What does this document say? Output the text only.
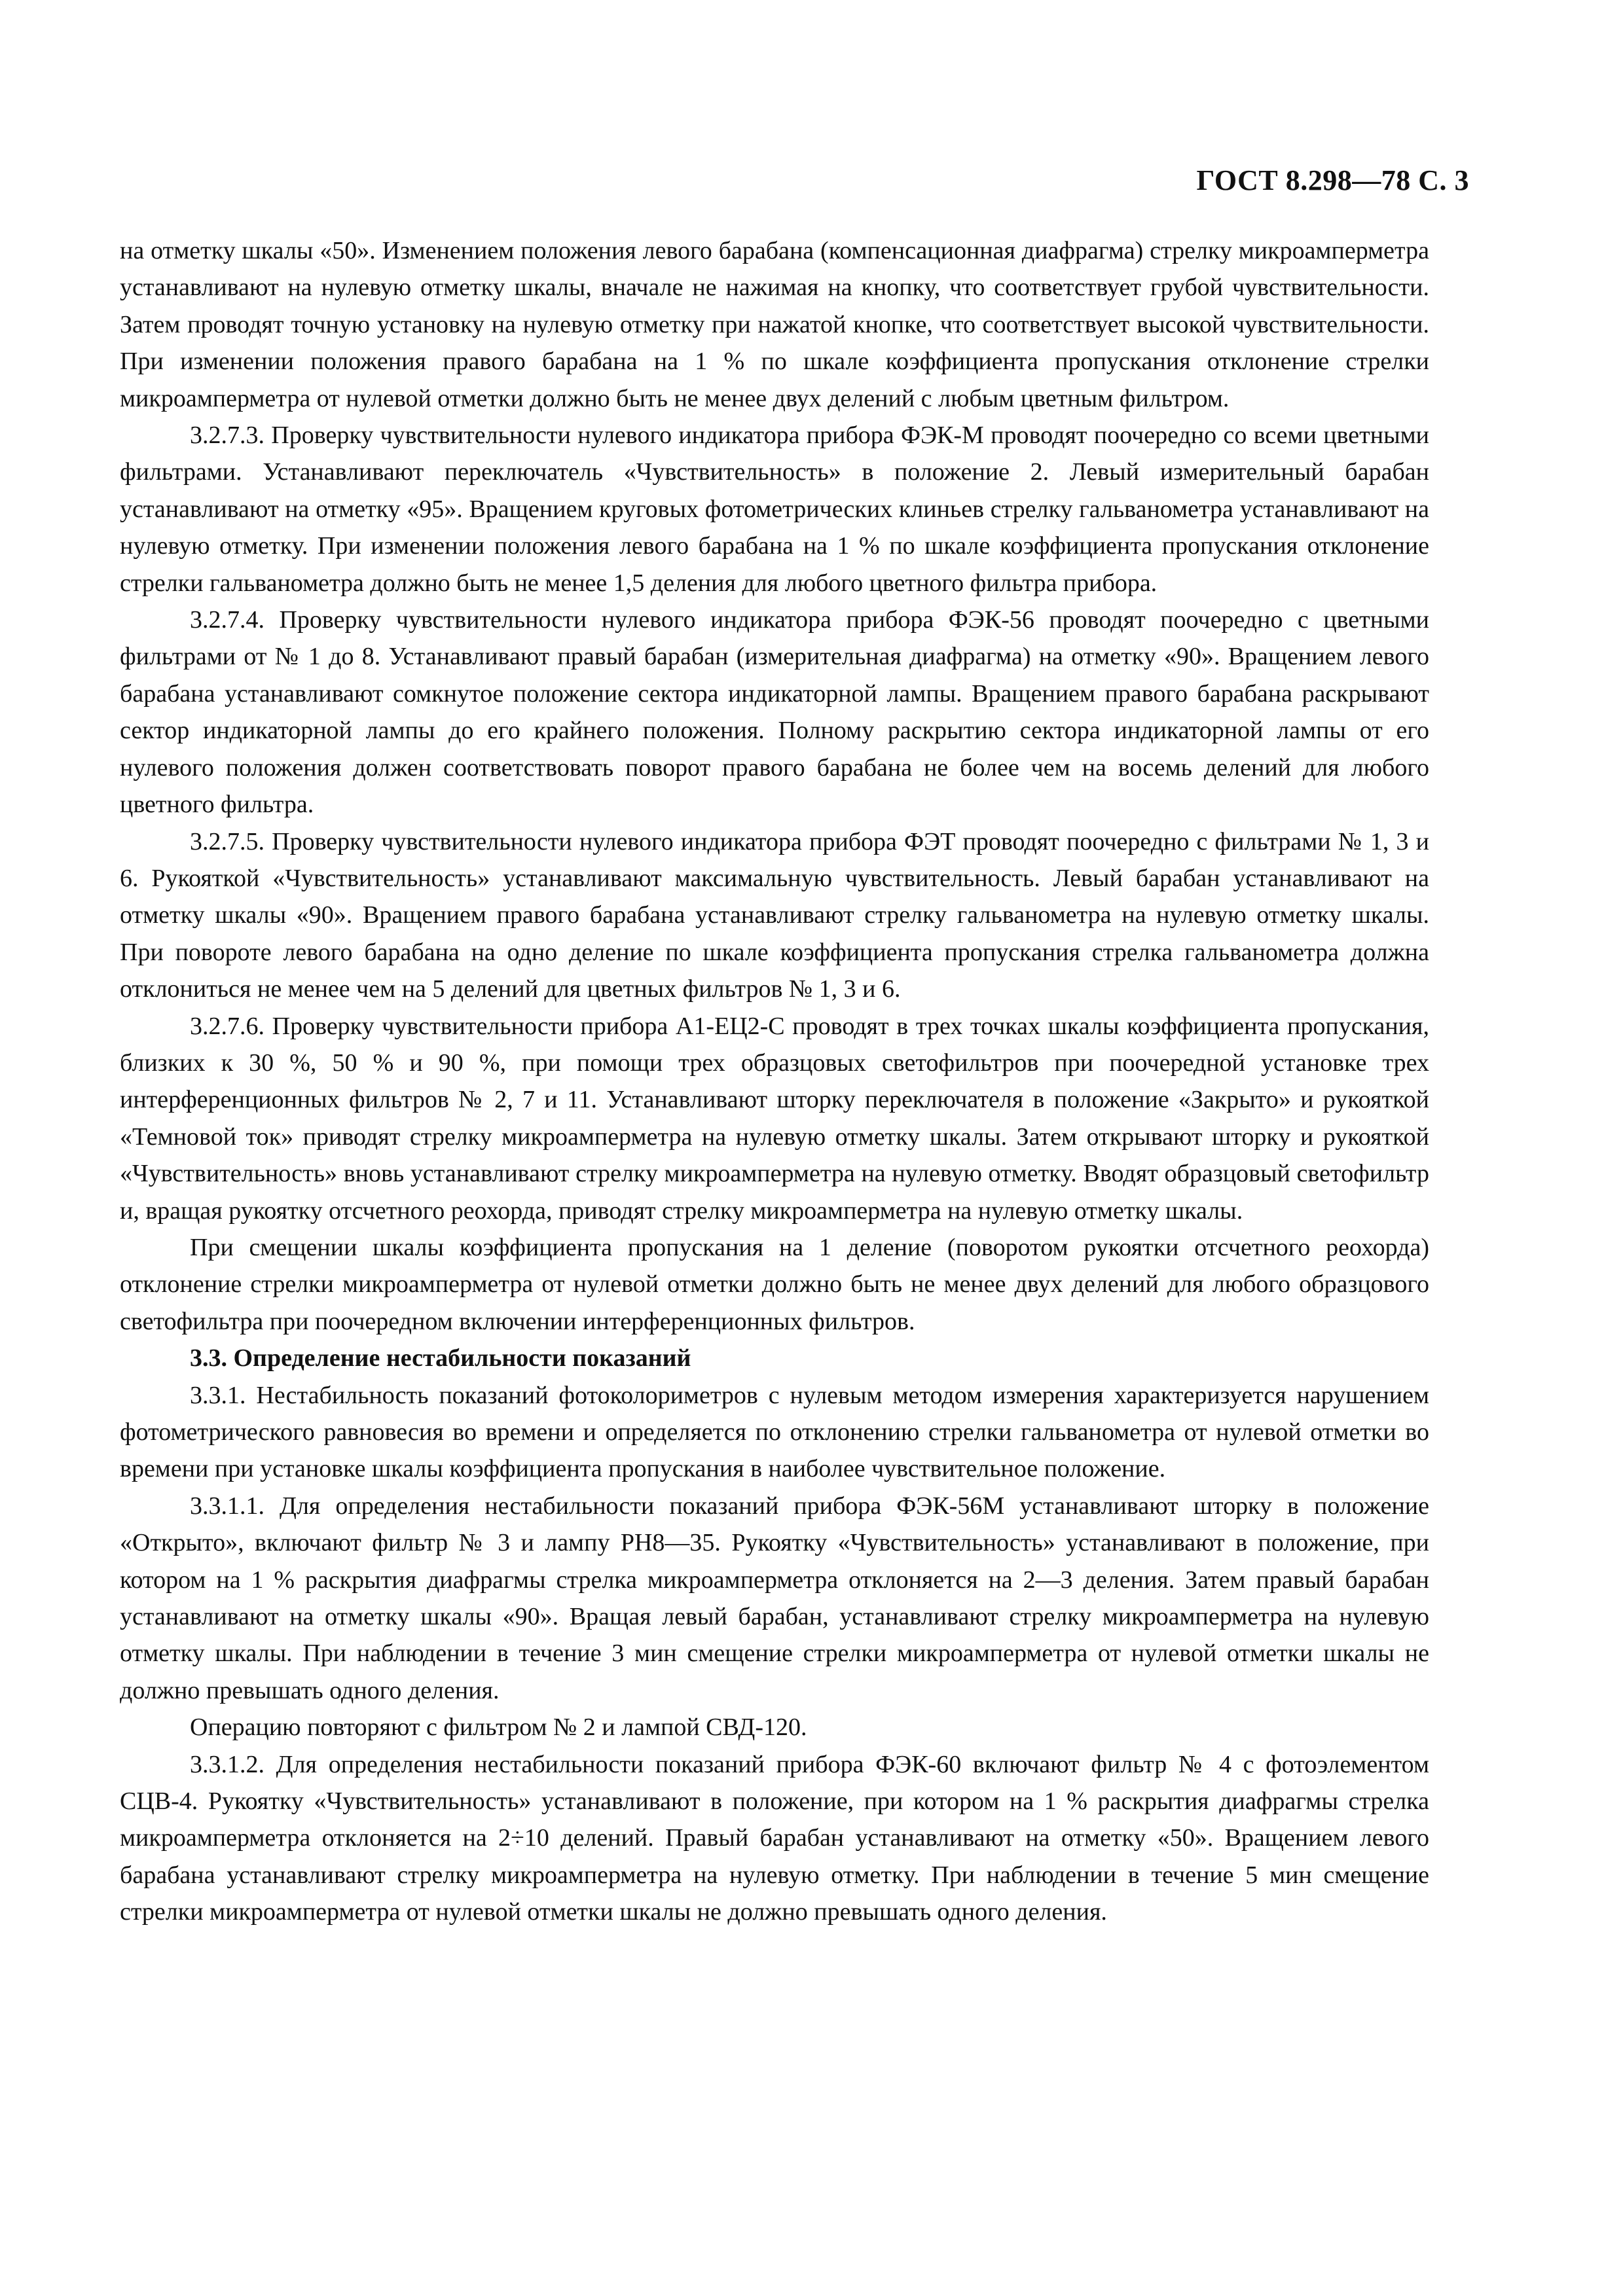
ГОСТ 8.298—78 С. 3

на отметку шкалы «50». Изменением положения левого барабана (компенсационная диафрагма) стрелку микроамперметра устанавливают на нулевую отметку шкалы, вначале не нажимая на кнопку, что соответствует грубой чувствительности. Затем проводят точную установку на нулевую отметку при нажатой кнопке, что соответствует высокой чувствительности. При изменении положения правого барабана на 1 % по шкале коэффициента пропускания отклонение стрелки микроамперметра от нулевой отметки должно быть не менее двух делений с любым цветным фильтром.

3.2.7.3. Проверку чувствительности нулевого индикатора прибора ФЭК-М проводят поочередно со всеми цветными фильтрами. Устанавливают переключатель «Чувствительность» в положение 2. Левый измерительный барабан устанавливают на отметку «95». Вращением круговых фотометрических клиньев стрелку гальванометра устанавливают на нулевую отметку. При изменении положения левого барабана на 1 % по шкале коэффициента пропускания отклонение стрелки гальванометра должно быть не менее 1,5 деления для любого цветного фильтра прибора.

3.2.7.4. Проверку чувствительности нулевого индикатора прибора ФЭК-56 проводят поочередно с цветными фильтрами от № 1 до 8. Устанавливают правый барабан (измерительная диафрагма) на отметку «90». Вращением левого барабана устанавливают сомкнутое положение сектора индикаторной лампы. Вращением правого барабана раскрывают сектор индикаторной лампы до его крайнего положения. Полному раскрытию сектора индикаторной лампы от его нулевого положения должен соответствовать поворот правого барабана не более чем на восемь делений для любого цветного фильтра.

3.2.7.5. Проверку чувствительности нулевого индикатора прибора ФЭТ проводят поочередно с фильтрами № 1, 3 и 6. Рукояткой «Чувствительность» устанавливают максимальную чувствительность. Левый барабан устанавливают на отметку шкалы «90». Вращением правого барабана устанавливают стрелку гальванометра на нулевую отметку шкалы. При повороте левого барабана на одно деление по шкале коэффициента пропускания стрелка гальванометра должна отклониться не менее чем на 5 делений для цветных фильтров № 1, 3 и 6.

3.2.7.6. Проверку чувствительности прибора А1-ЕЦ2-С проводят в трех точках шкалы коэффициента пропускания, близких к 30 %, 50 % и 90 %, при помощи трех образцовых светофильтров при поочередной установке трех интерференционных фильтров № 2, 7 и 11. Устанавливают шторку переключателя в положение «Закрыто» и рукояткой «Темновой ток» приводят стрелку микроамперметра на нулевую отметку шкалы. Затем открывают шторку и рукояткой «Чувствительность» вновь устанавливают стрелку микроамперметра на нулевую отметку. Вводят образцовый светофильтр и, вращая рукоятку отсчетного реохорда, приводят стрелку микроамперметра на нулевую отметку шкалы.

При смещении шкалы коэффициента пропускания на 1 деление (поворотом рукоятки отсчетного реохорда) отклонение стрелки микроамперметра от нулевой отметки должно быть не менее двух делений для любого образцового светофильтра при поочередном включении интерференционных фильтров.

3.3. Определение нестабильности показаний

3.3.1. Нестабильность показаний фотоколориметров с нулевым методом измерения характеризуется нарушением фотометрического равновесия во времени и определяется по отклонению стрелки гальванометра от нулевой отметки во времени при установке шкалы коэффициента пропускания в наиболее чувствительное положение.

3.3.1.1. Для определения нестабильности показаний прибора ФЭК-56М устанавливают шторку в положение «Открыто», включают фильтр № 3 и лампу РН8—35. Рукоятку «Чувствительность» устанавливают в положение, при котором на 1 % раскрытия диафрагмы стрелка микроамперметра отклоняется на 2—3 деления. Затем правый барабан устанавливают на отметку шкалы «90». Вращая левый барабан, устанавливают стрелку микроамперметра на нулевую отметку шкалы. При наблюдении в течение 3 мин смещение стрелки микроамперметра от нулевой отметки шкалы не должно превышать одного деления.

Операцию повторяют с фильтром № 2 и лампой СВД-120.

3.3.1.2. Для определения нестабильности показаний прибора ФЭК-60 включают фильтр № 4 с фотоэлементом СЦВ-4. Рукоятку «Чувствительность» устанавливают в положение, при котором на 1 % раскрытия диафрагмы стрелка микроамперметра отклоняется на 2÷10 делений. Правый барабан устанавливают на отметку «50». Вращением левого барабана устанавливают стрелку микроамперметра на нулевую отметку. При наблюдении в течение 5 мин смещение стрелки микроамперметра от нулевой отметки шкалы не должно превышать одного деления.
